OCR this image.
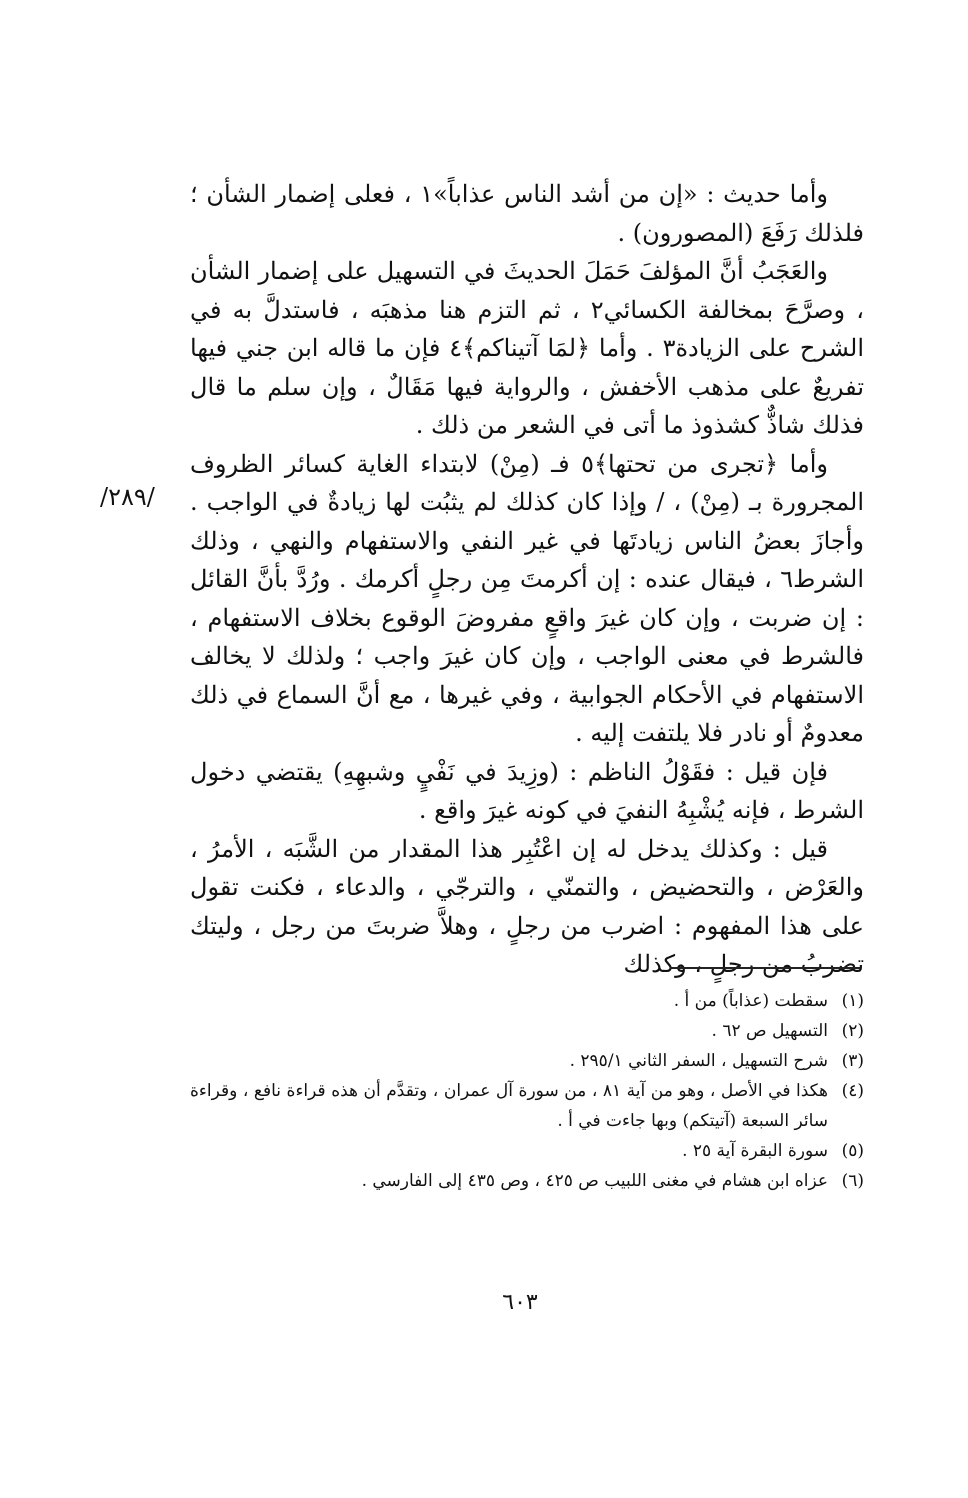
وأما حديث : «إن من أشد الناس عذاباً»١ ، فعلى إضمار الشأن ؛ فلذلك رَفَعَ (المصورون) .

والعَجَبُ أنَّ المؤلفَ حَمَلَ الحديثَ في التسهيل على إضمار الشأن ، وصرَّحَ بمخالفة الكسائي٢ ، ثم التزم هنا مذهبَه ، فاستدلَّ به في الشرح على الزيادة٣ . وأما ﴿لمَا آتيناكم﴾٤ فإن ما قاله ابن جني فيها تفريعٌ على مذهب الأخفش ، والرواية فيها مَقَالٌ ، وإن سلم ما قال فذلك شاذٌّ كشذوذ ما أتى في الشعر من ذلك .

وأما ﴿تجرى من تحتها﴾٥ فـ (مِنْ) لابتداء الغاية كسائر الظروف المجرورة بـ (مِنْ) ، / وإذا كان كذلك لم يثبُت لها زيادةٌ في الواجب . وأجازَ بعضُ الناس زيادتَها في غير النفي والاستفهام والنهي ، وذلك الشرط٦ ، فيقال عنده : إن أكرمتَ مِن رجلٍ أكرمك . ورُدَّ بأنَّ القائل : إن ضربت ، وإن كان غيرَ واقعٍ مفروضَ الوقوع بخلاف الاستفهام ، فالشرط في معنى الواجب ، وإن كان غيرَ واجب ؛ ولذلك لا يخالف الاستفهام في الأحكام الجوابية ، وفي غيرها ، مع أنَّ السماع في ذلك معدومٌ أو نادر فلا يلتفت إليه .

فإن قيل : فقَوْلُ الناظم : (وزِيدَ في نَفْيٍ وشبهِهِ) يقتضي دخول الشرط ، فإنه يُشْبِهُ النفيَ في كونه غيرَ واقع .

قيل : وكذلك يدخل له إن اعْتُبِر هذا المقدار من الشَّبَه ، الأمرُ ، والعَرْض ، والتحضيض ، والتمنّي ، والترجّي ، والدعاء ، فكنت تقول على هذا المفهوم : اضرب من رجلٍ ، وهلاَّ ضربتَ من رجل ، وليتك تضربُ من رجلٍ ، وكذلك

/٢٨٩/
(١)
سقطت (عذاباً) من أ .
(٢)
التسهيل ص ٦٢ .
(٣)
شرح التسهيل ، السفر الثاني ٢٩٥/١ .
(٤)
هكذا في الأصل ، وهو من آية ٨١ ، من سورة آل عمران ، وتقدَّم أن هذه قراءة نافع ، وقراءة سائر السبعة (آتيتكم) وبها جاءت في أ .
(٥)
سورة البقرة آية ٢٥ .
(٦)
عزاه ابن هشام في مغنى اللبيب ص ٤٢٥ ، وص ٤٣٥ إلى الفارسي .
٦٠٣
